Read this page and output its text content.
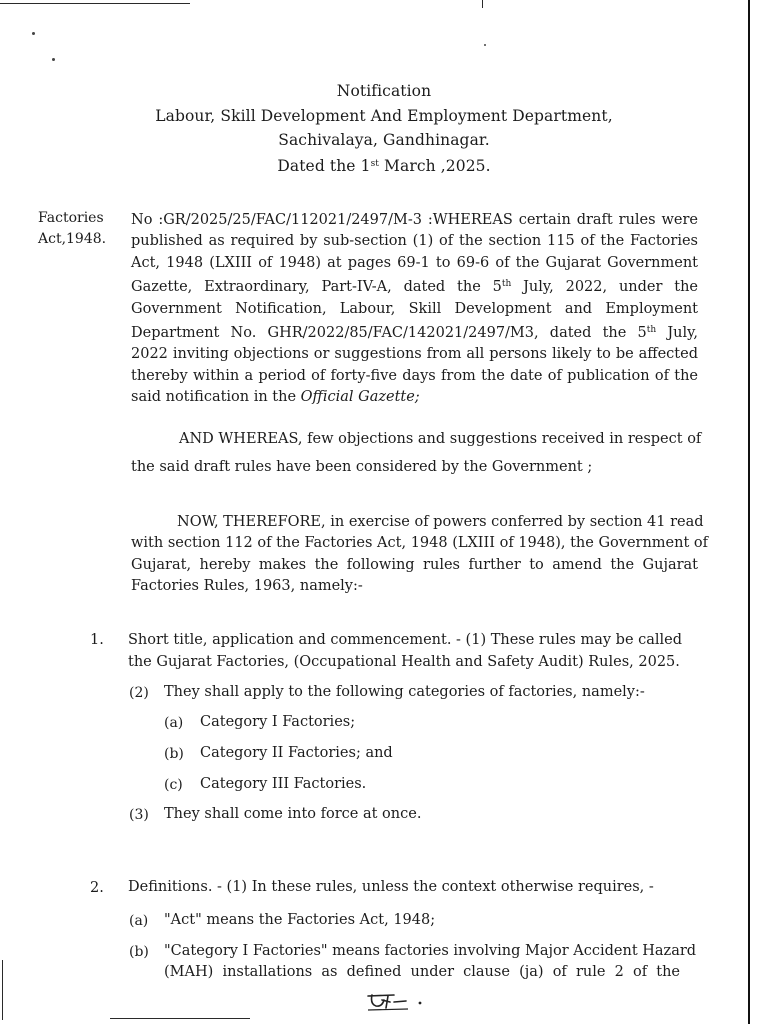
Notification
Labour, Skill Development And Employment Department,
Sachivalaya, Gandhinagar.
Dated the 1st March ,2025.
Factories
Act,1948.
No :GR/2025/25/FAC/112021/2497/M-3 :WHEREAS certain draft rules were
published as required by sub-section (1) of the section 115 of the Factories
Act, 1948 (LXIII of 1948) at pages 69-1 to 69-6 of the Gujarat Government
Gazette, Extraordinary, Part-IV-A, dated the 5th July, 2022, under the
Government Notification, Labour, Skill Development and Employment
Department No. GHR/2022/85/FAC/142021/2497/M3, dated the 5th July,
2022 inviting objections or suggestions from all persons likely to be affected
thereby within a period of forty-five days from the date of publication of the
said notification in the Official Gazette;
AND WHEREAS, few objections and suggestions received in respect of
the said draft rules have been considered by the Government ;
NOW, THEREFORE, in exercise of powers conferred by section 41 read
with section 112 of the Factories Act, 1948 (LXIII of 1948), the Government of
Gujarat, hereby makes the following rules further to amend the Gujarat
Factories Rules, 1963, namely:-
1. Short title, application and commencement. - (1) These rules may be called
the Gujarat Factories, (Occupational Health and Safety Audit) Rules, 2025.
(2) They shall apply to the following categories of factories, namely:-
(a) Category I Factories;
(b) Category II Factories; and
(c) Category III Factories.
(3) They shall come into force at once.
2. Definitions. - (1) In these rules, unless the context otherwise requires, -
(a) "Act" means the Factories Act, 1948;
(b) "Category I Factories" means factories involving Major Accident Hazard
(MAH) installations as defined under clause (ja) of rule 2 of the
